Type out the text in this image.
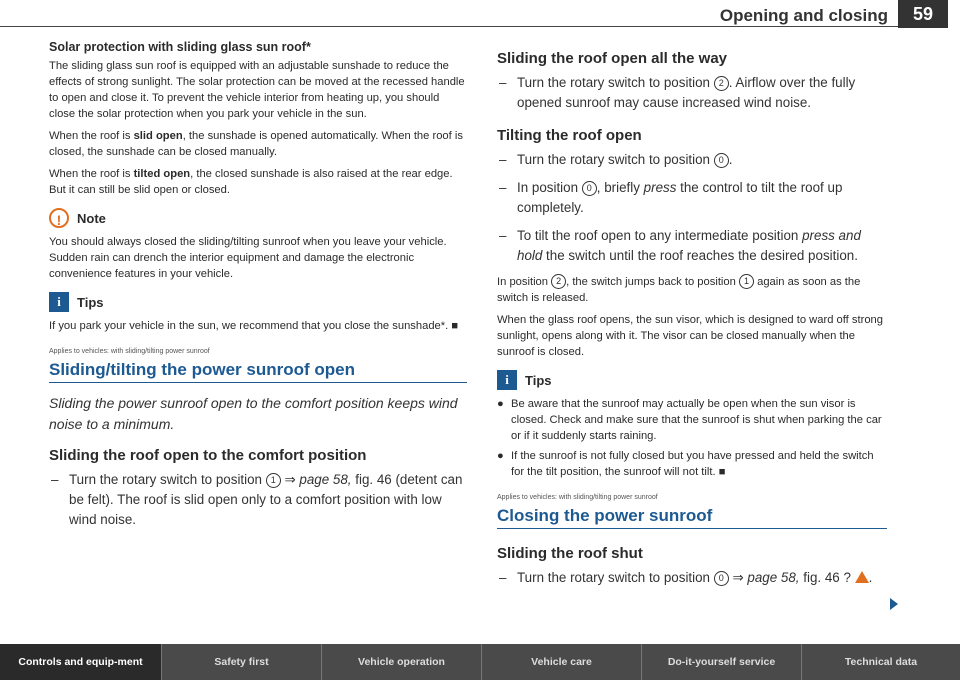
Opening and closing	59
Solar protection with sliding glass sun roof*

The sliding glass sun roof is equipped with an adjustable sunshade to reduce the effects of strong sunlight. The solar protection can be moved at the recessed handle to open and close it. To prevent the vehicle interior from heating up, you should close the solar protection when you park your vehicle in the sun.

When the roof is slid open, the sunshade is opened automatically. When the roof is closed, the sunshade can be closed manually.

When the roof is tilted open, the closed sunshade is also raised at the rear edge. But it can still be slid open or closed.

!	Note

You should always closed the sliding/tilting sunroof when you leave your vehicle. Sudden rain can drench the interior equipment and damage the electronic convenience features in your vehicle.

i	Tips

If you park your vehicle in the sun, we recommend that you close the sunshade*. ■

Applies to vehicles: with sliding/tilting power sunroof
Sliding/tilting the power sunroof open
Sliding the power sunroof open to the comfort position keeps wind noise to a minimum.
Sliding the roof open to the comfort position
– Turn the rotary switch to position 1 ⇒ page 58, fig. 46 (detent can be felt). The roof is slid open only to a comfort position with low wind noise.
Sliding the roof open all the way
– Turn the rotary switch to position 2 . Airflow over the fully opened sunroof may cause increased wind noise.
Tilting the roof open
– Turn the rotary switch to position 0 .
– In position 0 , briefly press the control to tilt the roof up completely.
– To tilt the roof open to any intermediate position press and hold the switch until the roof reaches the desired position.

In position 2 , the switch jumps back to position 1 again as soon as the switch is released.

When the glass roof opens, the sun visor, which is designed to ward off strong sunlight, opens along with it. The visor can be closed manually when the sunroof is closed.

i	Tips
● Be aware that the sunroof may actually be open when the sun visor is closed. Check and make sure that the sunroof is shut when parking the car or if it suddenly starts raining.
● If the sunroof is not fully closed but you have pressed and held the switch for the tilt position, the sunroof will not tilt. ■
Applies to vehicles: with sliding/tilting power sunroof
Closing the power sunroof
Sliding the roof shut
– Turn the rotary switch to position 0 ⇒ page 58, fig. 46 ? .
Controls and equip-ment	Safety first	Vehicle operation	Vehicle care	Do-it-yourself service	Technical data
